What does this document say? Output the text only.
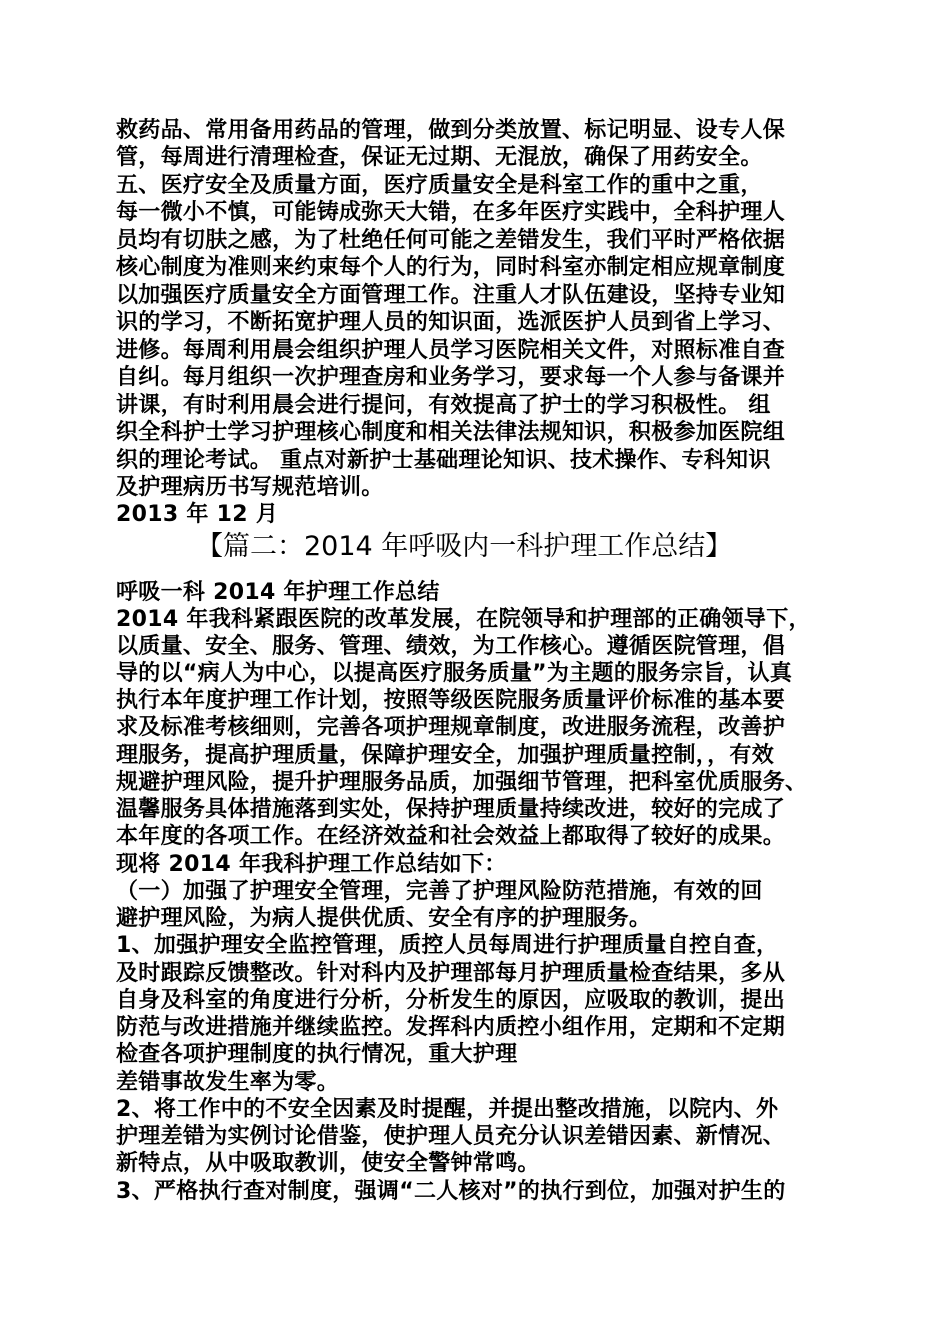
救药品、常用备用药品的管理，做到分类放置、标记明显、设专人保
管，每周进行清理检查，保证无过期、无混放，确保了用药安全。
五、医疗安全及质量方面，医疗质量安全是科室工作的重中之重，
每一微小不慎，可能铸成弥天大错，在多年医疗实践中，全科护理人
员均有切肤之感，为了杜绝任何可能之差错发生，我们平时严格依据
核心制度为准则来约束每个人的行为，同时科室亦制定相应规章制度
以加强医疗质量安全方面管理工作。注重人才队伍建设，坚持专业知
识的学习，不断拓宽护理人员的知识面，选派医护人员到省上学习、
进修。每周利用晨会组织护理人员学习医院相关文件，对照标准自查
自纠。每月组织一次护理查房和业务学习，要求每一个人参与备课并
讲课，有时利用晨会进行提问，有效提高了护士的学习积极性。 组
织全科护士学习护理核心制度和相关法律法规知识，积极参加医院组
织的理论考试。 重点对新护士基础理论知识、技术操作、专科知识
及护理病历书写规范培训。
2013 年 12 月
【篇二：2014 年呼吸内一科护理工作总结】
呼吸一科 2014 年护理工作总结
2014 年我科紧跟医院的改革发展，在院领导和护理部的正确领导下，
以质量、安全、服务、管理、绩效，为工作核心。遵循医院管理，倡
导的以“病人为中心，以提高医疗服务质量”为主题的服务宗旨，认真
执行本年度护理工作计划，按照等级医院服务质量评价标准的基本要
求及标准考核细则，完善各项护理规章制度，改进服务流程，改善护
理服务，提高护理质量，保障护理安全，加强护理质量控制，，有效
规避护理风险，提升护理服务品质，加强细节管理，把科室优质服务、
温馨服务具体措施落到实处，保持护理质量持续改进，较好的完成了
本年度的各项工作。在经济效益和社会效益上都取得了较好的成果。
现将 2014 年我科护理工作总结如下：
（一）加强了护理安全管理，完善了护理风险防范措施，有效的回
避护理风险，为病人提供优质、安全有序的护理服务。
1、加强护理安全监控管理，质控人员每周进行护理质量自控自查，
及时跟踪反馈整改。针对科内及护理部每月护理质量检查结果，多从
自身及科室的角度进行分析，分析发生的原因，应吸取的教训，提出
防范与改进措施并继续监控。发挥科内质控小组作用，定期和不定期
检查各项护理制度的执行情况，重大护理
差错事故发生率为零。
2、将工作中的不安全因素及时提醒，并提出整改措施，以院内、外
护理差错为实例讨论借鉴，使护理人员充分认识差错因素、新情况、
新特点，从中吸取教训，使安全警钟常鸣。
3、严格执行查对制度，强调“二人核对”的执行到位，加强对护生的
